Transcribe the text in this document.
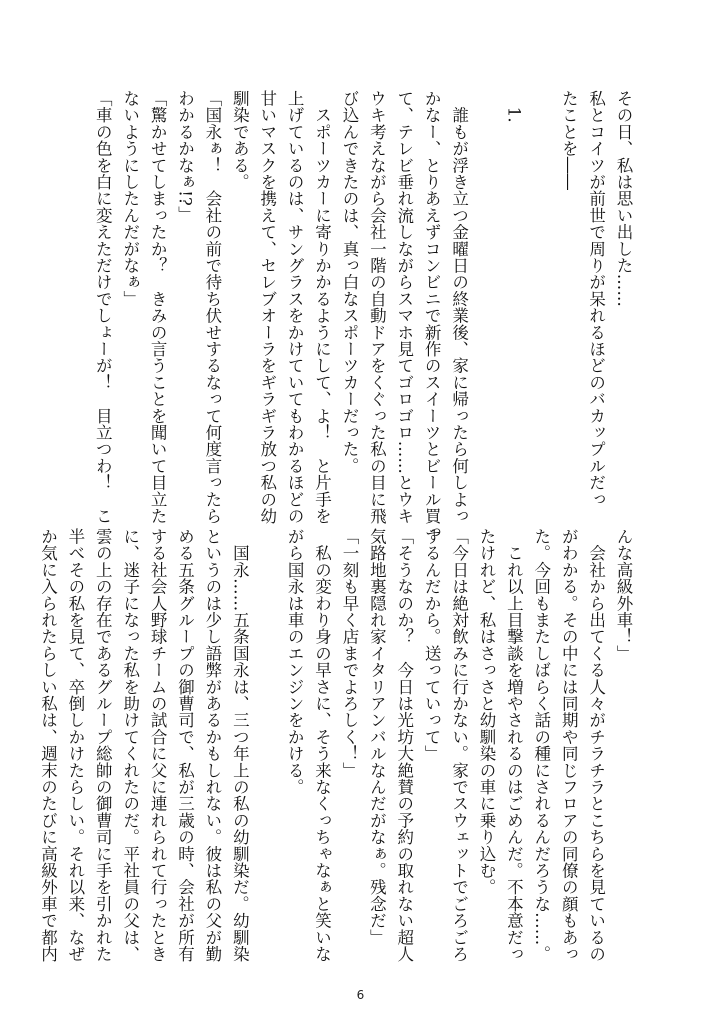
その日、私は思い出した……
私とコイツが前世で周りが呆れるほどのバカップルだっ
たことを――

　1.

　誰もが浮き立つ金曜日の終業後、家に帰ったら何しよっ
かなー、とりあえずコンビニで新作のスイーツとビール買っ
て、テレビ垂れ流しながらスマホ見てゴロゴロ……とウキ
ウキ考えながら会社一階の自動ドアをくぐった私の目に飛
び込んできたのは、真っ白なスポーツカーだった。
　スポーツカーに寄りかかるようにして、よ！　と片手を
上げているのは、サングラスをかけていてもわかるほどの
甘いマスクを携えて、セレブオーラをギラギラ放つ私の幼
馴染である。
「国永ぁ！　会社の前で待ち伏せするなって何度言ったら
わかるかなぁ!?」
「驚かせてしまったか？　きみの言うことを聞いて目立た
ないようにしたんだがなぁ」
「車の色を白に変えただけでしょーが！　目立つわ！　こ
んな高級外車！」
　会社から出てくる人々がチラチラとこちらを見ているの
がわかる。その中には同期や同じフロアの同僚の顔もあっ
た。今回もまたしばらく話の種にされるんだろうな……。
　これ以上目撃談を増やされるのはごめんだ。不本意だっ
たけれど、私はさっさと幼馴染の車に乗り込む。
「今日は絶対飲みに行かない。家でスウェットでごろごろ
するんだから。送っていって」
「そうなのか？　今日は光坊大絶賛の予約の取れない超人
気路地裏隠れ家イタリアンバルなんだがなぁ。残念だ」
「一刻も早く店までよろしく！」
　私の変わり身の早さに、そう来なくっちゃなぁと笑いな
がら国永は車のエンジンをかける。

　国永……五条国永は、三つ年上の私の幼馴染だ。幼馴染
というのは少し語弊があるかもしれない。彼は私の父が勤
める五条グループの御曹司で、私が三歳の時、会社が所有
する社会人野球チームの試合に父に連れられて行ったとき
に、迷子になった私を助けてくれたのだ。平社員の父は、
雲の上の存在であるグループ総帥の御曹司に手を引かれた
半べその私を見て、卒倒しかけたらしい。それ以来、なぜ
か気に入られたらしい私は、週末のたびに高級外車で都内
6
